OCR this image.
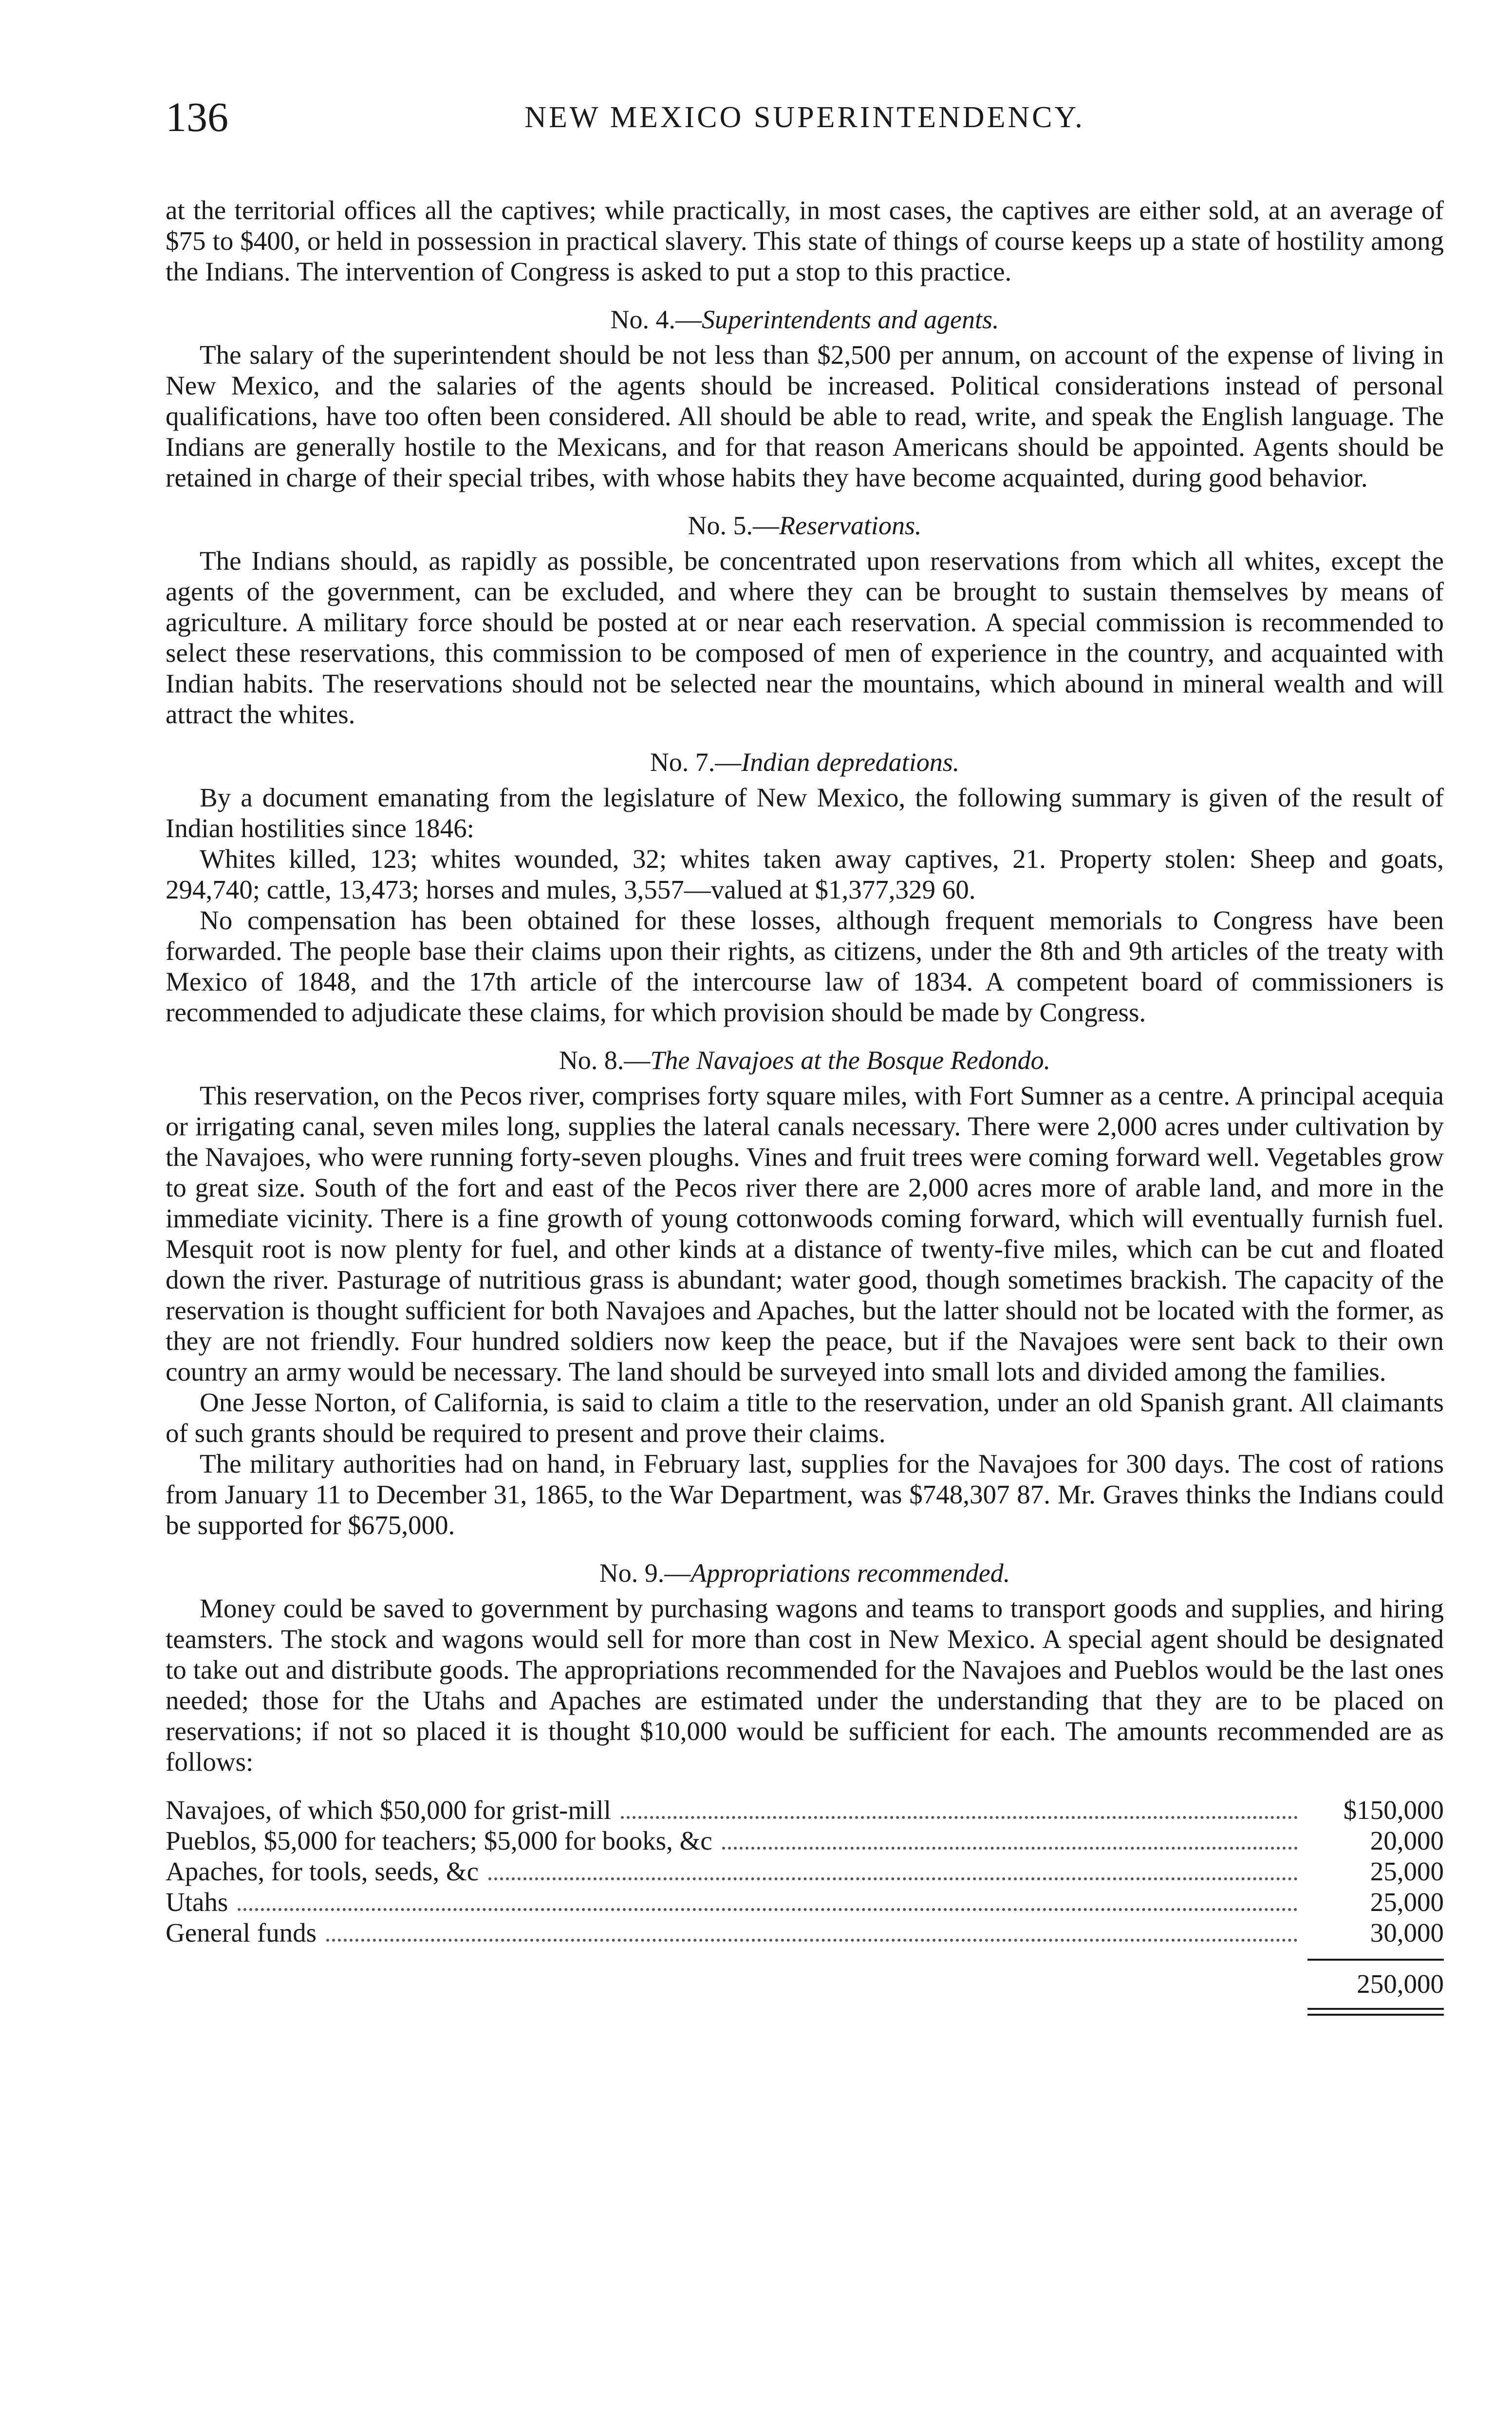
136	NEW MEXICO SUPERINTENDENCY.

at the territorial offices all the captives; while practically, in most cases, the captives are either sold, at an average of $75 to $400, or held in possession in practical slavery. This state of things of course keeps up a state of hostility among the Indians. The intervention of Congress is asked to put a stop to this practice.

No. 4.—Superintendents and agents.

The salary of the superintendent should be not less than $2,500 per annum, on account of the expense of living in New Mexico, and the salaries of the agents should be increased. Political considerations instead of personal qualifications, have too often been considered. All should be able to read, write, and speak the English language. The Indians are generally hostile to the Mexicans, and for that reason Americans should be appointed. Agents should be retained in charge of their special tribes, with whose habits they have become acquainted, during good behavior.

No. 5.—Reservations.

The Indians should, as rapidly as possible, be concentrated upon reservations from which all whites, except the agents of the government, can be excluded, and where they can be brought to sustain themselves by means of agriculture. A military force should be posted at or near each reservation. A special commission is recommended to select these reservations, this commission to be composed of men of experience in the country, and acquainted with Indian habits. The reservations should not be selected near the mountains, which abound in mineral wealth and will attract the whites.

No. 7.—Indian depredations.

By a document emanating from the legislature of New Mexico, the following summary is given of the result of Indian hostilities since 1846:

Whites killed, 123; whites wounded, 32; whites taken away captives, 21. Property stolen: Sheep and goats, 294,740; cattle, 13,473; horses and mules, 3,557—valued at $1,377,329 60.

No compensation has been obtained for these losses, although frequent memorials to Congress have been forwarded. The people base their claims upon their rights, as citizens, under the 8th and 9th articles of the treaty with Mexico of 1848, and the 17th article of the intercourse law of 1834. A competent board of commissioners is recommended to adjudicate these claims, for which provision should be made by Congress.

No. 8.—The Navajoes at the Bosque Redondo.

This reservation, on the Pecos river, comprises forty square miles, with Fort Sumner as a centre. A principal acequia or irrigating canal, seven miles long, supplies the lateral canals necessary. There were 2,000 acres under cultivation by the Navajoes, who were running forty-seven ploughs. Vines and fruit trees were coming forward well. Vegetables grow to great size. South of the fort and east of the Pecos river there are 2,000 acres more of arable land, and more in the immediate vicinity. There is a fine growth of young cottonwoods coming forward, which will eventually furnish fuel. Mesquit root is now plenty for fuel, and other kinds at a distance of twenty-five miles, which can be cut and floated down the river. Pasturage of nutritious grass is abundant; water good, though sometimes brackish. The capacity of the reservation is thought sufficient for both Navajoes and Apaches, but the latter should not be located with the former, as they are not friendly. Four hundred soldiers now keep the peace, but if the Navajoes were sent back to their own country an army would be necessary. The land should be surveyed into small lots and divided among the families.

One Jesse Norton, of California, is said to claim a title to the reservation, under an old Spanish grant. All claimants of such grants should be required to present and prove their claims.

The military authorities had on hand, in February last, supplies for the Navajoes for 300 days. The cost of rations from January 11 to December 31, 1865, to the War Department, was $748,307 87. Mr. Graves thinks the Indians could be supported for $675,000.

No. 9.—Appropriations recommended.

Money could be saved to government by purchasing wagons and teams to transport goods and supplies, and hiring teamsters. The stock and wagons would sell for more than cost in New Mexico. A special agent should be designated to take out and distribute goods. The appropriations recommended for the Navajoes and Pueblos would be the last ones needed; those for the Utahs and Apaches are estimated under the understanding that they are to be placed on reservations; if not so placed it is thought $10,000 would be sufficient for each. The amounts recommended are as follows:

Navajoes, of which $50,000 for grist-mill	$150,000
Pueblos, $5,000 for teachers; $5,000 for books, &c	20,000
Apaches, for tools, seeds, &c	25,000
Utahs	25,000
General funds	30,000
250,000
